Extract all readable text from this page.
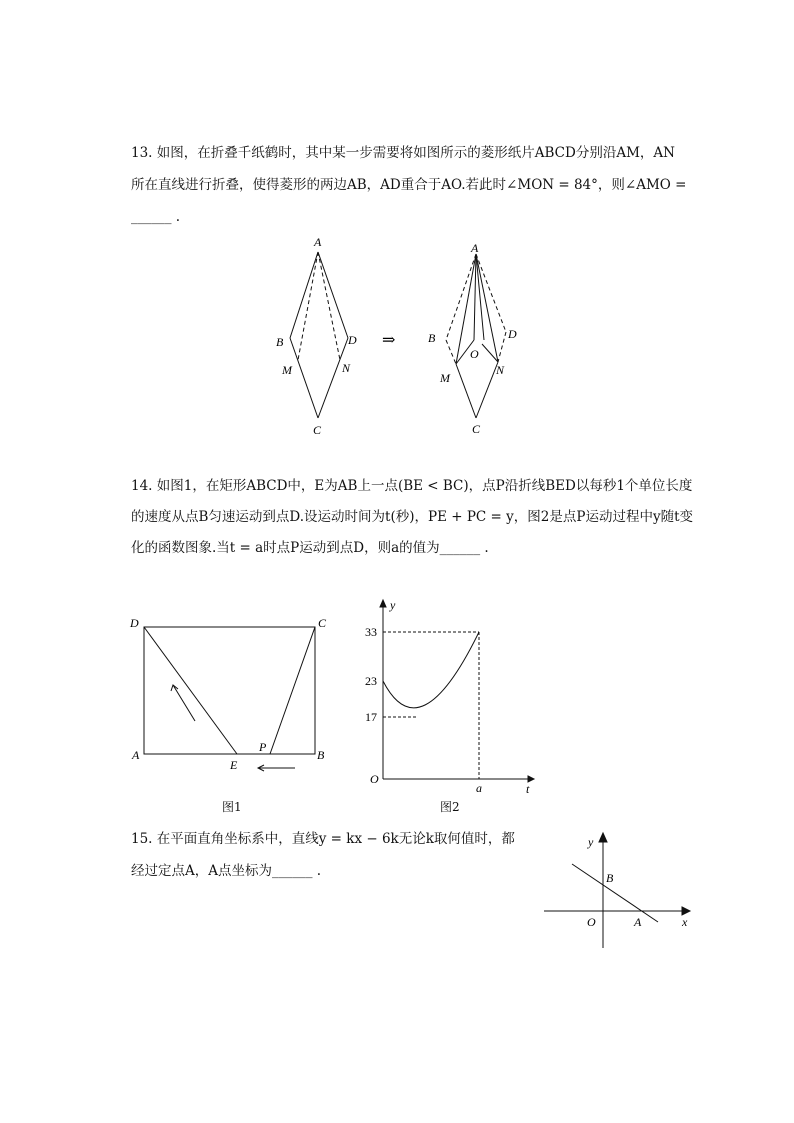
13. 如图，在折叠千纸鹤时，其中某一步需要将如图所示的菱形纸片ABCD分别沿AM，AN
所在直线进行折叠，使得菱形的两边AB，AD重合于AO.若此时∠MON = 84°，则∠AMO =
______ .
A
B	D
M	N
C
⇒
A
B	D
O
M
N
C
14. 如图1，在矩形ABCD中，E为AB上一点(BE < BC)，点P沿折线BED以每秒1个单位长度
的速度从点B匀速运动到点D.设运动时间为t(秒)，PE + PC = y，图2是点P运动过程中y随t变
化的函数图象.当t = a时点P运动到点D，则a的值为______ .
D	C
A
E
P
B
图1
y
t
O
33
23
17
a
图2
15. 在平面直角坐标系中，直线y = kx − 6k无论k取何值时，都
经过定点A，A点坐标为______ .
y
x
O
B
A
